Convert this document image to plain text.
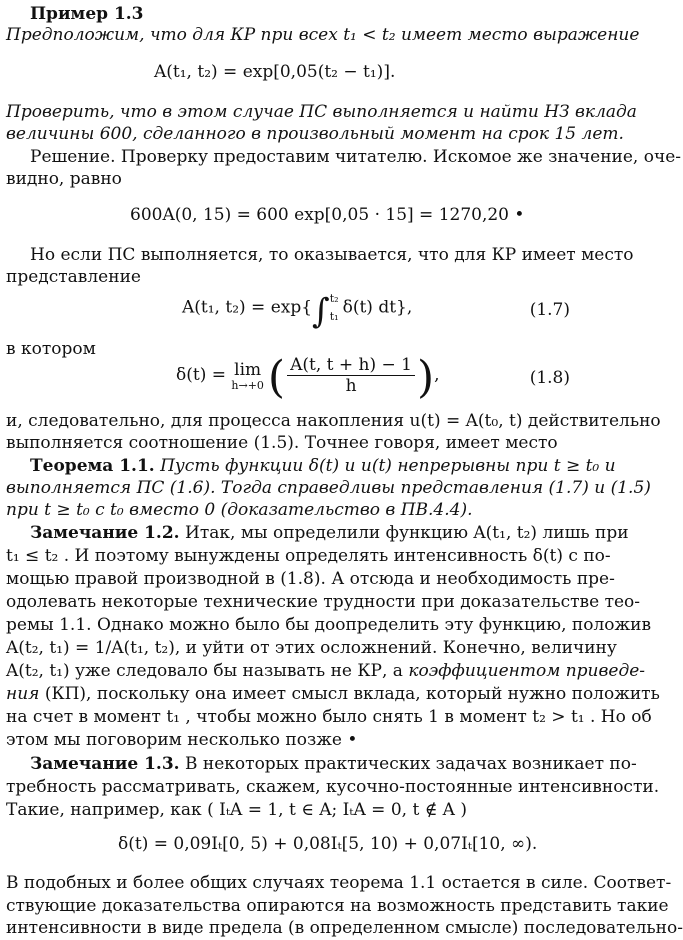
Пример 1.3
Предположим, что для КР при всех t₁ < t₂ имеет место выражение
A(t₁, t₂) = exp[0,05(t₂ − t₁)].
Проверить, что в этом случае ПС выполняется и найти НЗ вклада
величины 600, сделанного в произвольный момент на срок 15 лет.
Решение. Проверку предоставим читателю. Искомое же значение, оче-
видно, равно
600A(0, 15) = 600 exp[0,05 · 15] = 1270,20 •
Но если ПС выполняется, то оказывается, что для КР имеет место
представление
A(t₁, t₂) = exp{∫ t₂
t₁ δ(t) dt},	(1.7)
в котором
δ(t) = lim
h→+0 ( $\frac{A(t, t + h) - 1}{h}$ ),	(1.8)
и, следовательно, для процесса накопления u(t) = A(t₀, t) действительно
выполняется соотношение (1.5). Точнее говоря, имеет место
Теорема 1.1. Пусть функции δ(t) и u(t) непрерывны при t ≥ t₀ и
выполняется ПС (1.6). Тогда справедливы представления (1.7) и (1.5)
при t ≥ t₀ с t₀ вместо 0 (доказательство в ПВ.4.4).
Замечание 1.2. Итак, мы определили функцию A(t₁, t₂) лишь при
t₁ ≤ t₂ . И поэтому вынуждены определять интенсивность δ(t) с по-
мощью правой производной в (1.8). А отсюда и необходимость пре-
одолевать некоторые технические трудности при доказательстве тео-
ремы 1.1. Однако можно было бы доопределить эту функцию, положив
A(t₂, t₁) = 1/A(t₁, t₂), и уйти от этих осложнений. Конечно, величину
A(t₂, t₁) уже следовало бы называть не КР, а коэффициентом приведе-
ния (КП), поскольку она имеет смысл вклада, который нужно положить
на счет в момент t₁ , чтобы можно было снять 1 в момент t₂ > t₁ . Но об
этом мы поговорим несколько позже •
Замечание 1.3. В некоторых практических задачах возникает по-
требность рассматривать, скажем, кусочно-постоянные интенсивности.
Такие, например, как ( IₜA = 1, t ∈ A; IₜA = 0, t ∉ A )
δ(t) = 0,09Iₜ[0, 5) + 0,08Iₜ[5, 10) + 0,07Iₜ[10, ∞).
В подобных и более общих случаях теорема 1.1 остается в силе. Соответ-
ствующие доказательства опираются на возможность представить такие
интенсивности в виде предела (в определенном смысле) последовательно-
